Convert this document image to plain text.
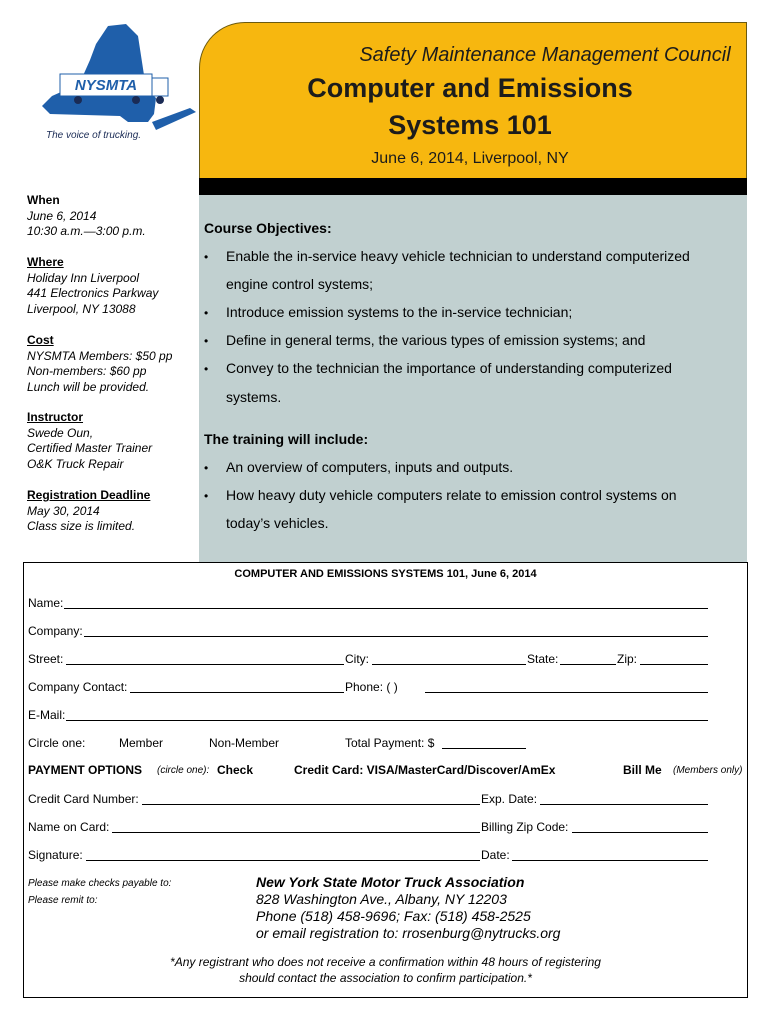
NYSMTA
The voice of trucking.
Safety Maintenance Management Council
Computer and Emissions
Systems 101
June 6, 2014, Liverpool, NY
When
June 6, 2014
10:30 a.m.—3:00 p.m.
Where
Holiday Inn Liverpool
441 Electronics Parkway
Liverpool, NY 13088
Cost
NYSMTA Members: $50 pp
Non-members: $60 pp
Lunch will be provided.
Instructor
Swede Oun,
Certified Master Trainer
O&K Truck Repair
Registration Deadline
May 30, 2014
Class size is limited.
Course Objectives:
• Enable the in-service heavy vehicle technician to understand computerized
engine control systems;
• Introduce emission systems to the in-service technician;
• Define in general terms, the various types of emission systems; and
• Convey to the technician the importance of understanding computerized
systems.
The training will include:
• An overview of computers, inputs and outputs.
• How heavy duty vehicle computers relate to emission control systems on
today’s vehicles.
COMPUTER AND EMISSIONS SYSTEMS 101, June 6, 2014
Name:
Company:
Street:	City:	State:	Zip:
Company Contact:	Phone: ( )
E-Mail:
Circle one:	Member	Non-Member	Total Payment: $
PAYMENT OPTIONS (circle one): Check	Credit Card: VISA/MasterCard/Discover/AmEx	Bill Me (Members only)
Credit Card Number:	Exp. Date:
Name on Card:	Billing Zip Code:
Signature:	Date:
Please make checks payable to:
Please remit to:
New York State Motor Truck Association
828 Washington Ave., Albany, NY 12203
Phone (518) 458-9696; Fax: (518) 458-2525
or email registration to: rrosenburg@nytrucks.org
*Any registrant who does not receive a confirmation within 48 hours of registering
should contact the association to confirm participation.*
